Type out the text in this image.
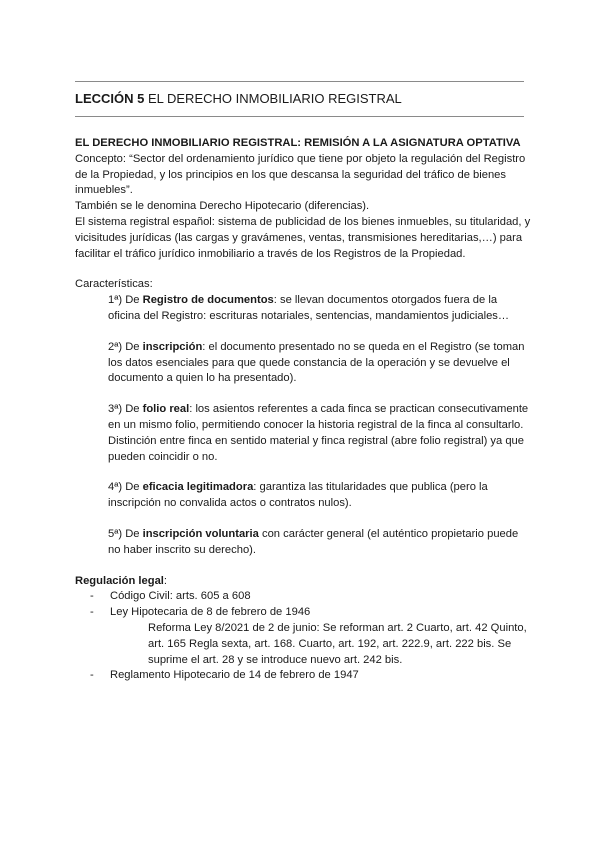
LECCIÓN 5 EL DERECHO INMOBILIARIO REGISTRAL

EL DERECHO INMOBILIARIO REGISTRAL: REMISIÓN A LA ASIGNATURA OPTATIVA

Concepto: “Sector del ordenamiento jurídico que tiene por objeto la regulación del Registro

de la Propiedad, y los principios en los que descansa la seguridad del tráfico de bienes

inmuebles”.

También se le denomina Derecho Hipotecario (diferencias).

El sistema registral español: sistema de publicidad de los bienes inmuebles, su titularidad, y

vicisitudes jurídicas (las cargas y gravámenes, ventas, transmisiones hereditarias,…) para

facilitar el tráfico jurídico inmobiliario a través de los Registros de la Propiedad.

Características:

1ª) De Registro de documentos: se llevan documentos otorgados fuera de la

oficina del Registro: escrituras notariales, sentencias, mandamientos judiciales…

2ª) De inscripción: el documento presentado no se queda en el Registro (se toman

los datos esenciales para que quede constancia de la operación y se devuelve el

documento a quien lo ha presentado).

3ª) De folio real: los asientos referentes a cada finca se practican consecutivamente

en un mismo folio, permitiendo conocer la historia registral de la finca al consultarlo.

Distinción entre finca en sentido material y finca registral (abre folio registral) ya que

pueden coincidir o no.

4ª) De eficacia legitimadora: garantiza las titularidades que publica (pero la

inscripción no convalida actos o contratos nulos).

5ª) De inscripción voluntaria con carácter general (el auténtico propietario puede

no haber inscrito su derecho).

Regulación legal:

- Código Civil: arts. 605 a 608
- Ley Hipotecaria de 8 de febrero de 1946

Reforma Ley 8/2021 de 2 de junio: Se reforman art. 2 Cuarto, art. 42 Quinto,

art. 165 Regla sexta, art. 168. Cuarto, art. 192, art. 222.9, art. 222 bis. Se

suprime el art. 28 y se introduce nuevo art. 242 bis.

- Reglamento Hipotecario de 14 de febrero de 1947
